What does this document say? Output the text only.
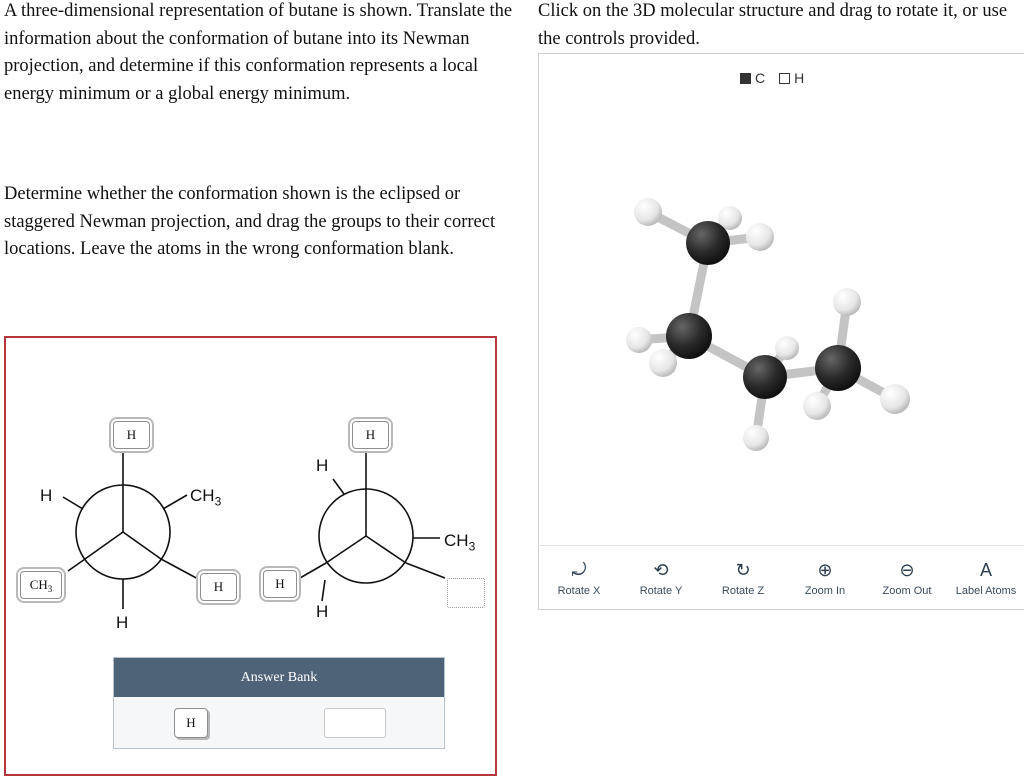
A three-dimensional representation of butane is shown. Translate the information about the conformation of butane into its Newman projection, and determine if this conformation represents a local energy minimum or a global energy minimum.

Determine whether the conformation shown is the eclipsed or staggered Newman projection, and drag the groups to their correct locations. Leave the atoms in the wrong conformation blank.

H	$CH_3$
H
H
CH 3	H
H
$CH_3$
H
H
H
Answer Bank
H

Click on the 3D molecular structure and drag to rotate it, or use the controls provided.

C	H
⤾
Rotate X
⟲
Rotate Y
↻
Rotate Z
⊕
Zoom In
⊖
Zoom Out
A
Label Atoms
